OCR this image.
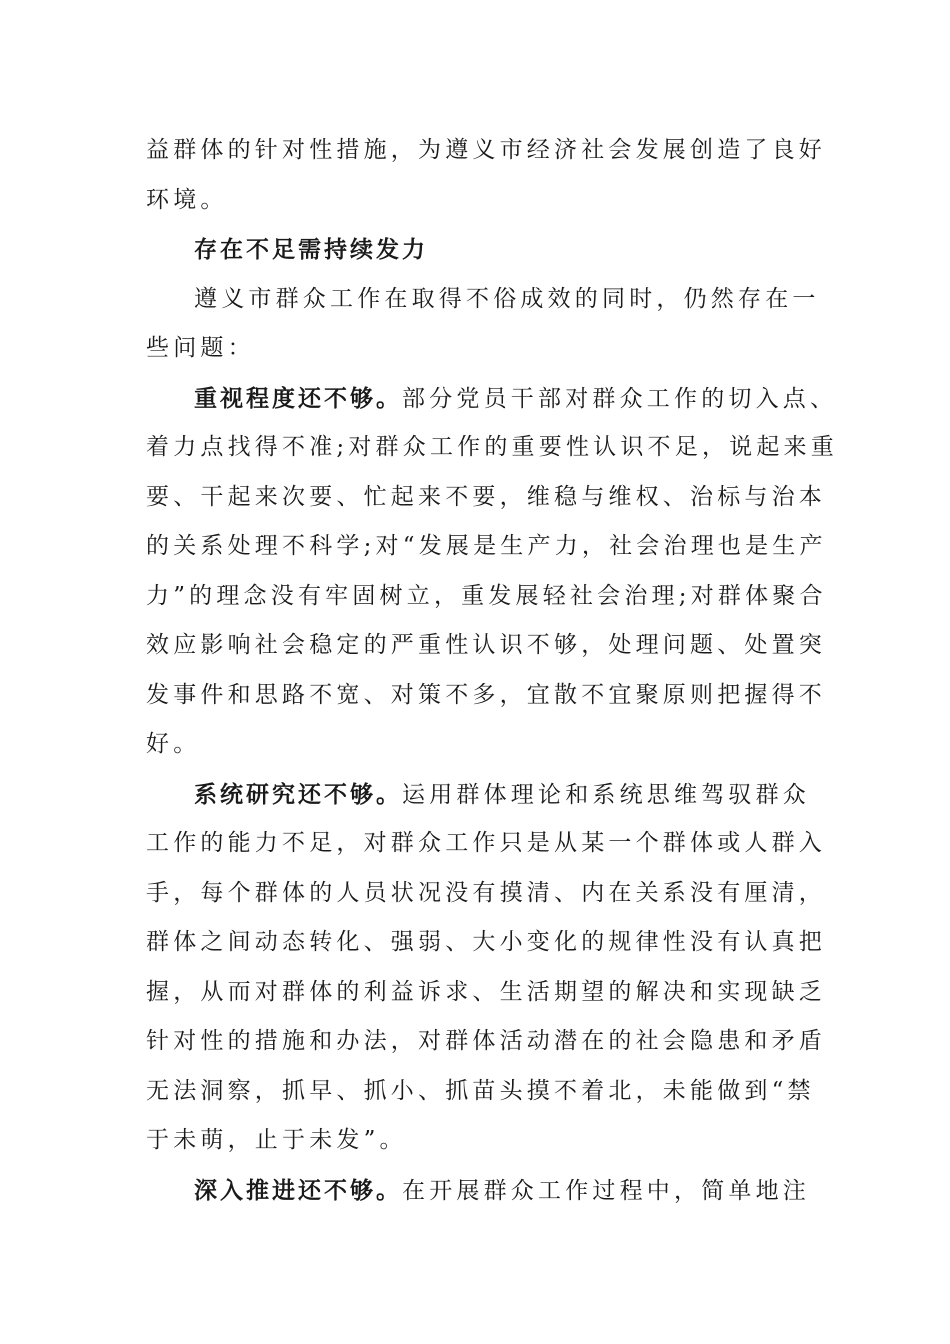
益群体的针对性措施，为遵义市经济社会发展创造了良好
环境。
存在不足需持续发力
遵义市群众工作在取得不俗成效的同时，仍然存在一
些问题：
重视程度还不够。部分党员干部对群众工作的切入点、
着力点找得不准;对群众工作的重要性认识不足，说起来重
要、干起来次要、忙起来不要，维稳与维权、治标与治本
的关系处理不科学;对“发展是生产力，社会治理也是生产
力”的理念没有牢固树立，重发展轻社会治理;对群体聚合
效应影响社会稳定的严重性认识不够，处理问题、处置突
发事件和思路不宽、对策不多，宜散不宜聚原则把握得不
好。
系统研究还不够。运用群体理论和系统思维驾驭群众
工作的能力不足，对群众工作只是从某一个群体或人群入
手，每个群体的人员状况没有摸清、内在关系没有厘清，
群体之间动态转化、强弱、大小变化的规律性没有认真把
握，从而对群体的利益诉求、生活期望的解决和实现缺乏
针对性的措施和办法，对群体活动潜在的社会隐患和矛盾
无法洞察，抓早、抓小、抓苗头摸不着北，未能做到“禁
于未萌，止于未发”。
深入推进还不够。在开展群众工作过程中，简单地注
